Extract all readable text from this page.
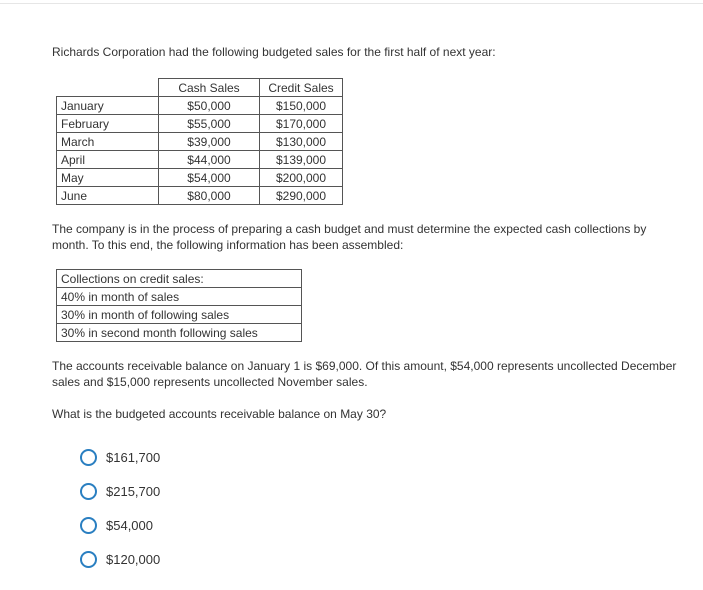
Richards Corporation had the following budgeted sales for the first half of next year:

	Cash Sales	Credit Sales
January	$50,000	$150,000
February	$55,000	$170,000
March	$39,000	$130,000
April	$44,000	$139,000
May	$54,000	$200,000
June	$80,000	$290,000

The company is in the process of preparing a cash budget and must determine the expected cash collections by month. To this end, the following information has been assembled:

Collections on credit sales:
40% in month of sales
30% in month of following sales
30% in second month following sales

The accounts receivable balance on January 1 is $69,000. Of this amount, $54,000 represents uncollected December sales and $15,000 represents uncollected November sales.

What is the budgeted accounts receivable balance on May 30?

$161,700
$215,700
$54,000
$120,000
